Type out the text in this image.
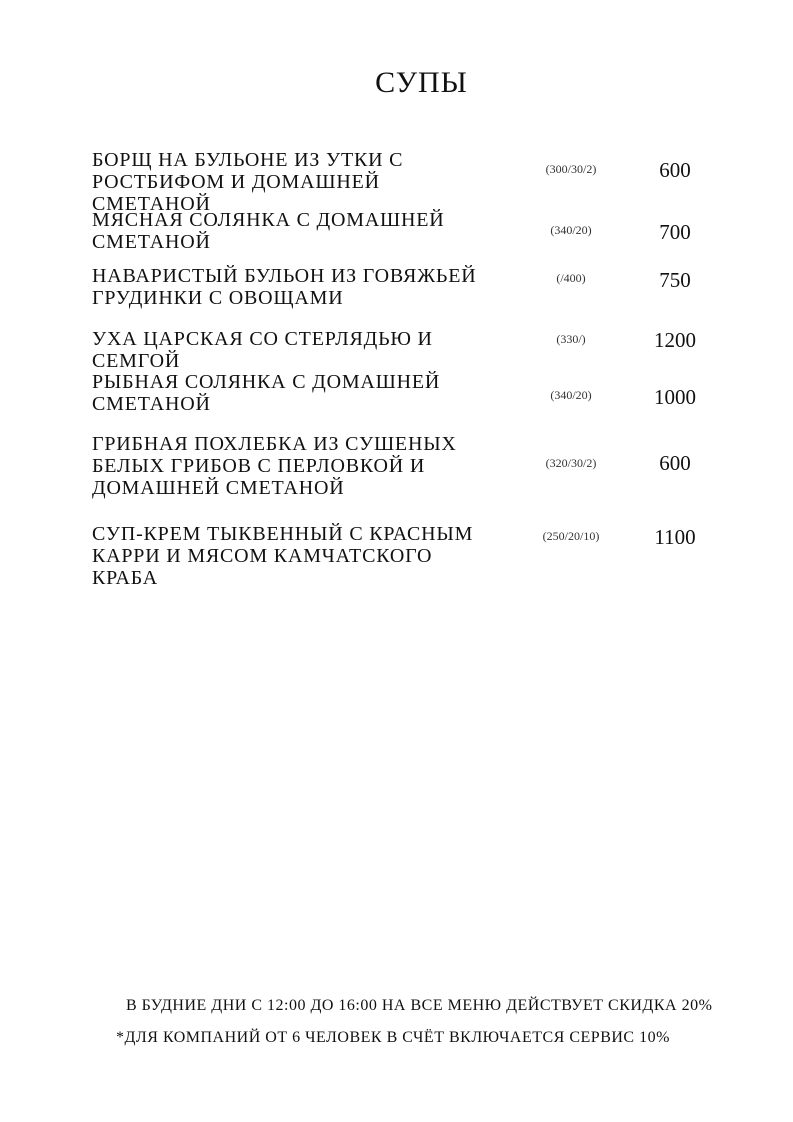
СУПЫ
БОРЩ НА БУЛЬОНЕ ИЗ УТКИ С
РОСТБИФОМ И ДОМАШНЕЙ СМЕТАНОЙ
(300/30/2)	600
МЯСНАЯ СОЛЯНКА С ДОМАШНЕЙ
СМЕТАНОЙ
(340/20)	700
НАВАРИСТЫЙ БУЛЬОН ИЗ ГОВЯЖЬЕЙ
ГРУДИНКИ С ОВОЩАМИ
(/400)	750
УХА ЦАРСКАЯ СО СТЕРЛЯДЬЮ И СЕМГОЙ
(330/)	1200
РЫБНАЯ СОЛЯНКА С ДОМАШНЕЙ
СМЕТАНОЙ	(340/20)	1000
ГРИБНАЯ ПОХЛЕБКА ИЗ СУШЕНЫХ
БЕЛЫХ ГРИБОВ С ПЕРЛОВКОЙ И
ДОМАШНЕЙ СМЕТАНОЙ
(320/30/2)	600
СУП-КРЕМ ТЫКВЕННЫЙ С КРАСНЫМ
КАРРИ И МЯСОМ КАМЧАТСКОГО КРАБА
(250/20/10)	1100
В БУДНИЕ ДНИ С 12:00 ДО 16:00 НА ВСЕ МЕНЮ ДЕЙСТВУЕТ СКИДКА 20%
*ДЛЯ КОМПАНИЙ ОТ 6 ЧЕЛОВЕК В СЧЁТ ВКЛЮЧАЕТСЯ СЕРВИС 10%
